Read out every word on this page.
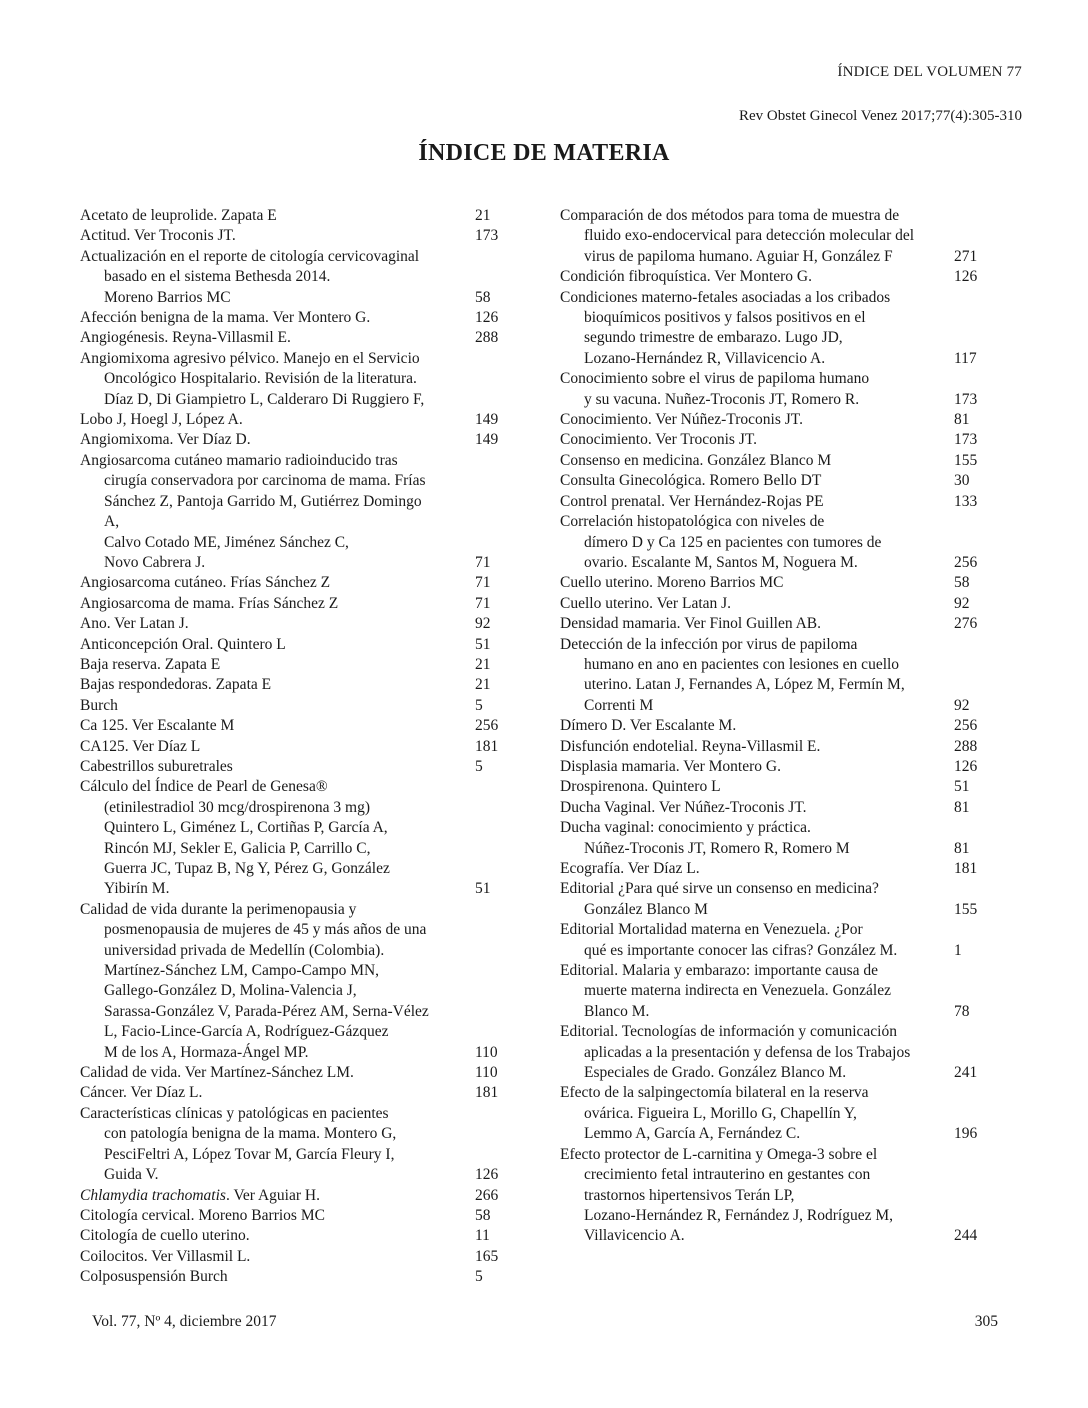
ÍNDICE DEL VOLUMEN 77
Rev Obstet Ginecol Venez 2017;77(4):305-310
ÍNDICE DE MATERIA
Acetato de leuprolide. Zapata E	21
Actitud. Ver Troconis JT.	173
Actualización en el reporte de citología cervicovaginal
basado en el sistema Bethesda 2014.
Moreno Barrios MC	58
Afección benigna de la mama. Ver Montero G.	126
Angiogénesis. Reyna-Villasmil E.	288
Angiomixoma agresivo pélvico. Manejo en el Servicio
Oncológico Hospitalario. Revisión de la literatura.
Díaz D, Di Giampietro L, Calderaro Di Ruggiero F,
Lobo J, Hoegl J, López A.	149
Angiomixoma. Ver Díaz D.	149
Angiosarcoma cutáneo mamario radioinducido tras
cirugía conservadora por carcinoma de mama. Frías
Sánchez Z, Pantoja Garrido M, Gutiérrez Domingo A,
Calvo Cotado ME, Jiménez Sánchez C,
Novo Cabrera J.	71
Angiosarcoma cutáneo. Frías Sánchez Z	71
Angiosarcoma de mama. Frías Sánchez Z	71
Ano. Ver Latan J.	92
Anticoncepción Oral. Quintero L	51
Baja reserva. Zapata E	21
Bajas respondedoras. Zapata E	21
Burch	5
Ca 125. Ver Escalante M	256
CA125. Ver Díaz L	181
Cabestrillos suburetrales	5
Cálculo del Índice de Pearl de Genesa®
(etinilestradiol 30 mcg/drospirenona 3 mg)
Quintero L, Giménez L, Cortiñas P, García A,
Rincón MJ, Sekler E, Galicia P, Carrillo C,
Guerra JC, Tupaz B, Ng Y, Pérez G, González
Yibirín M.	51
Calidad de vida durante la perimenopausia y
posmenopausia de mujeres de 45 y más años de una
universidad privada de Medellín (Colombia).
Martínez-Sánchez LM, Campo-Campo MN,
Gallego-González D, Molina-Valencia J,
Sarassa-González V, Parada-Pérez AM, Serna-Vélez
L, Facio-Lince-García A, Rodríguez-Gázquez
M de los A, Hormaza-Ángel MP.	110
Calidad de vida. Ver Martínez-Sánchez LM.	110
Cáncer. Ver Díaz L.	181
Características clínicas y patológicas en pacientes
con patología benigna de la mama. Montero G,
PesciFeltri A, López Tovar M, García Fleury I,
Guida V.	126
Chlamydia trachomatis. Ver Aguiar H.	266
Citología cervical. Moreno Barrios MC	58
Citología de cuello uterino.	11
Coilocitos. Ver Villasmil L.	165
Colposuspensión Burch	5
Comparación de dos métodos para toma de muestra de
fluido exo-endocervical para detección molecular del
virus de papiloma humano. Aguiar H, González F	271
Condición fibroquística. Ver Montero G.	126
Condiciones materno-fetales asociadas a los cribados
bioquímicos positivos y falsos positivos en el
segundo trimestre de embarazo. Lugo JD,
Lozano-Hernández R, Villavicencio A.	117
Conocimiento sobre el virus de papiloma humano
y su vacuna. Nuñez-Troconis JT, Romero R.	173
Conocimiento. Ver Núñez-Troconis JT.	81
Conocimiento. Ver Troconis JT.	173
Consenso en medicina. González Blanco M	155
Consulta Ginecológica. Romero Bello DT	30
Control prenatal. Ver Hernández-Rojas PE	133
Correlación histopatológica con niveles de
dímero D y Ca 125 en pacientes con tumores de
ovario. Escalante M, Santos M, Noguera M.	256
Cuello uterino. Moreno Barrios MC	58
Cuello uterino. Ver Latan J.	92
Densidad mamaria. Ver Finol Guillen AB.	276
Detección de la infección por virus de papiloma
humano en ano en pacientes con lesiones en cuello
uterino. Latan J, Fernandes A, López M, Fermín M,
Correnti M	92
Dímero D. Ver Escalante M.	256
Disfunción endotelial. Reyna-Villasmil E.	288
Displasia mamaria. Ver Montero G.	126
Drospirenona. Quintero L	51
Ducha Vaginal. Ver Núñez-Troconis JT.	81
Ducha vaginal: conocimiento y práctica.
Núñez-Troconis JT, Romero R, Romero M	81
Ecografía. Ver Díaz L.	181
Editorial ¿Para qué sirve un consenso en medicina?
González Blanco M	155
Editorial Mortalidad materna en Venezuela. ¿Por
qué es importante conocer las cifras? González M.	1
Editorial. Malaria y embarazo: importante causa de
muerte materna indirecta en Venezuela. González
Blanco M.	78
Editorial. Tecnologías de información y comunicación
aplicadas a la presentación y defensa de los Trabajos
Especiales de Grado. González Blanco M.	241
Efecto de la salpingectomía bilateral en la reserva
ovárica. Figueira L, Morillo G, Chapellín Y,
Lemmo A, García A, Fernández C.	196
Efecto protector de L-carnitina y Omega-3 sobre el
crecimiento fetal intrauterino en gestantes con
trastornos hipertensivos Terán LP,
Lozano-Hernández R, Fernández J, Rodríguez M,
Villavicencio A.	244
Vol. 77, Nº 4, diciembre 2017	305
